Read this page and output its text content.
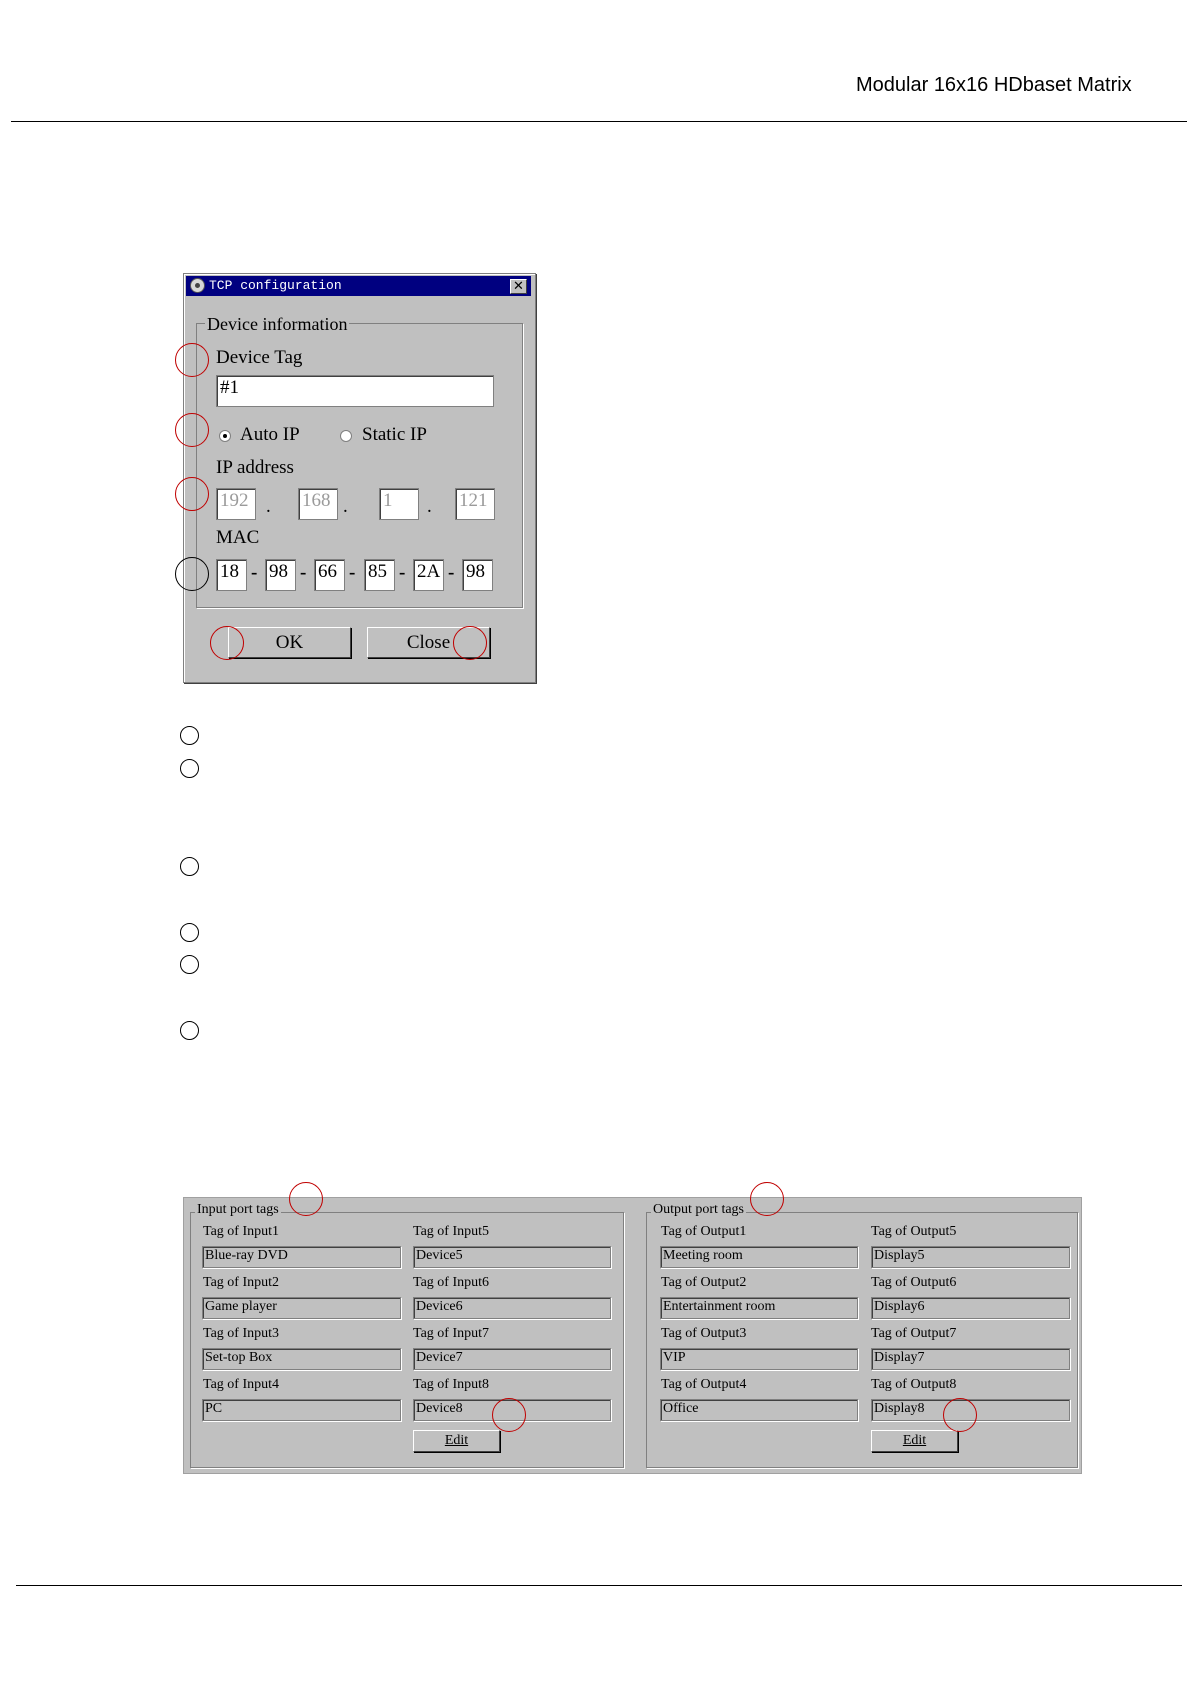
Modular 16x16 HDbaset Matrix
TCP configuration	✕
Device information
Device Tag
#1
Auto IP	Static IP
IP address
192 . 168 . 1	. 121
MAC
18 - 98 - 66 - 85 - 2A - 98
OK	Close
Input port tags
Tag of Input1
Blue-ray DVD
Tag of Input2
Game player
Tag of Input3
Set-top Box
Tag of Input4
PC
Tag of Input5
Device5
Tag of Input6
Device6
Tag of Input7
Device7
Tag of Input8
Device8
Edit
Output port tags
Tag of Output1
Meeting room
Tag of Output2
Entertainment room
Tag of Output3
VIP
Tag of Output4
Office
Tag of Output5
Display5
Tag of Output6
Display6
Tag of Output7
Display7
Tag of Output8
Display8
Edit
